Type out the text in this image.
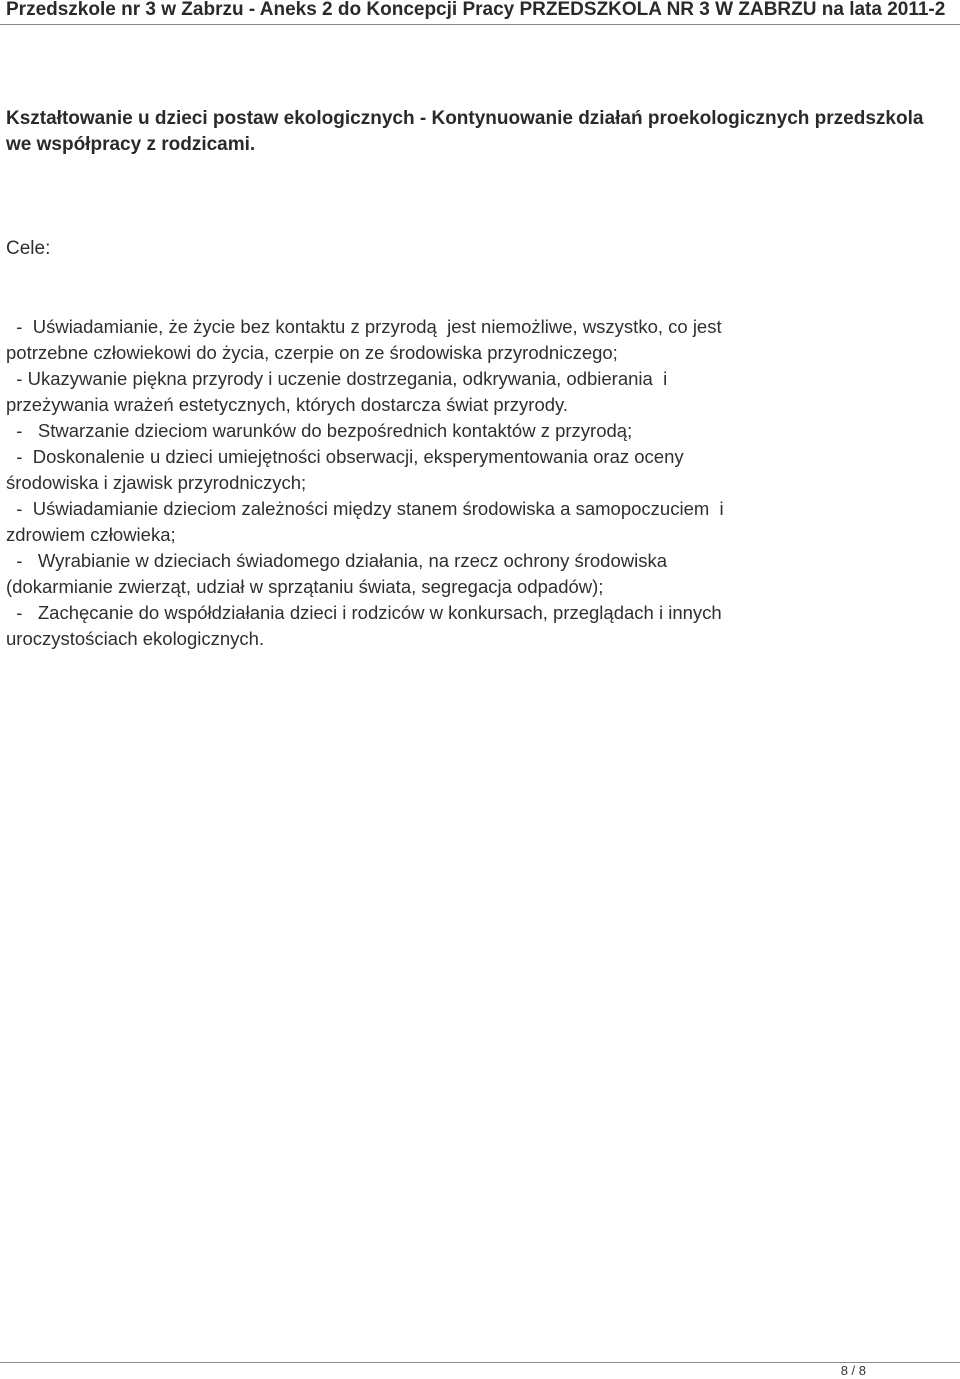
Przedszkole nr 3 w Zabrzu - Aneks 2 do Koncepcji Pracy PRZEDSZKOLA NR 3 W ZABRZU na lata 2011-2
Kształtowanie u dzieci postaw ekologicznych - Kontynuowanie działań proekologicznych przedszkola we współpracy z rodzicami.
Cele:

-  Uświadamianie, że życie bez kontaktu z przyrodą  jest niemożliwe, wszystko, co jest

potrzebne człowiekowi do życia, czerpie on ze środowiska przyrodniczego;

- Ukazywanie piękna przyrody i uczenie dostrzegania, odkrywania, odbierania  i

przeżywania wrażeń estetycznych, których dostarcza świat przyrody.

-   Stwarzanie dzieciom warunków do bezpośrednich kontaktów z przyrodą;

-  Doskonalenie u dzieci umiejętności obserwacji, eksperymentowania oraz oceny

środowiska i zjawisk przyrodniczych;

-  Uświadamianie dzieciom zależności między stanem środowiska a samopoczuciem  i

zdrowiem człowieka;

-   Wyrabianie w dzieciach świadomego działania, na rzecz ochrony środowiska

(dokarmianie zwierząt, udział w sprzątaniu świata, segregacja odpadów);

-   Zachęcanie do współdziałania dzieci i rodziców w konkursach, przeglądach i innych

uroczystościach ekologicznych.

8 / 8
